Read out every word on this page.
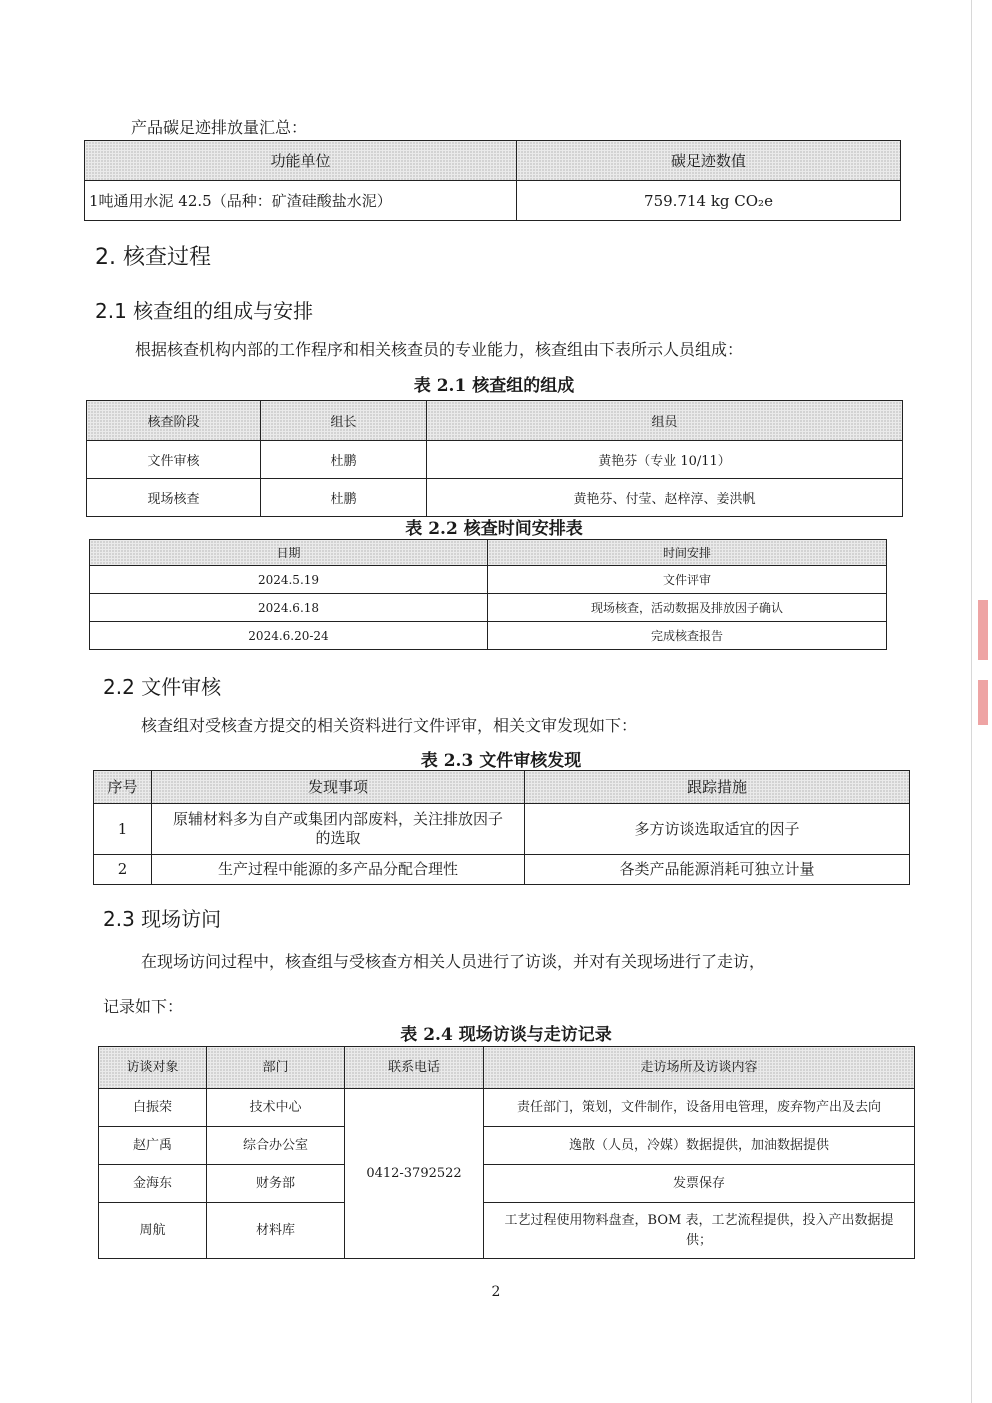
产品碳足迹排放量汇总：
功能单位	碳足迹数值
1吨通用水泥 42.5（品种：矿渣硅酸盐水泥）	759.714 kg CO₂e
2. 核查过程
2.1 核查组的组成与安排
根据核查机构内部的工作程序和相关核查员的专业能力，核查组由下表所示人员组成：
表 2.1 核查组的组成
核查阶段	组长	组员
文件审核	杜鹏	黄艳芬（专业 10/11）
现场核查	杜鹏	黄艳芬、付莹、赵梓淳、姜洪帆
表 2.2 核查时间安排表
日期	时间安排
2024.5.19	文件评审
2024.6.18	现场核查，活动数据及排放因子确认
2024.6.20-24	完成核查报告
2.2 文件审核
核查组对受核查方提交的相关资料进行文件评审，相关文审发现如下：
表 2.3 文件审核发现
序号	发现事项	跟踪措施
1	原辅材料多为自产或集团内部废料，关注排放因子的选取	多方访谈选取适宜的因子
2	生产过程中能源的多产品分配合理性	各类产品能源消耗可独立计量
2.3 现场访问
在现场访问过程中，核查组与受核查方相关人员进行了访谈，并对有关现场进行了走访，
记录如下：
表 2.4 现场访谈与走访记录
访谈对象	部门	联系电话	走访场所及访谈内容
白振荣	技术中心	0412-3792522	责任部门，策划，文件制作，设备用电管理，废弃物产出及去向
赵广禹	综合办公室		逸散（人员，冷媒）数据提供，加油数据提供
金海东	财务部		发票保存
周航	材料库		工艺过程使用物料盘查，BOM 表，工艺流程提供，投入产出数据提供；
2
